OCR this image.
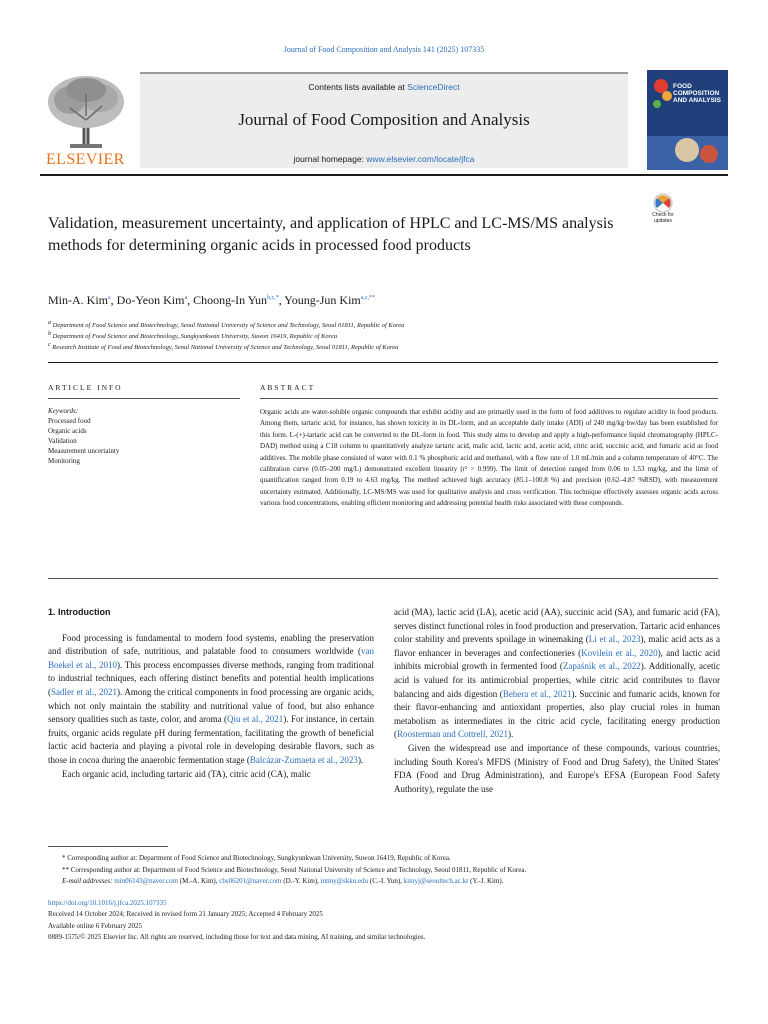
Journal of Food Composition and Analysis 141 (2025) 107335
ELSEVIER
Contents lists available at ScienceDirect
Journal of Food Composition and Analysis
journal homepage: www.elsevier.com/locate/jfca
FOOD
COMPOSITION
AND ANALYSIS
Validation, measurement uncertainty, and application of HPLC and LC-MS/MS analysis methods for determining organic acids in processed food products
Check for
updates
Min-A. Kim$^a$, Do-Yeon Kim$^a$, Choong-In Yun$^{b,c,*}$, Young-Jun Kim$^{a,c,**}$
$^a$ Department of Food Science and Biotechnology, Seoul National University of Science and Technology, Seoul 01811, Republic of Korea
$^b$ Department of Food Science and Biotechnology, Sungkyunkwan University, Suwon 16419, Republic of Korea
$^c$ Research Institute of Food and Biotechnology, Seoul National University of Science and Technology, Seoul 01811, Republic of Korea
ARTICLE INFO	ABSTRACT
Keywords:
Processed food
Organic acids
Validation
Measurement uncertainty
Monitoring
Organic acids are water-soluble organic compounds that exhibit acidity and are primarily used in the form of food additives to regulate acidity in food products. Among them, tartaric acid, for instance, has shown toxicity in its DL-form, and an acceptable daily intake (ADI) of 240 mg/kg·bw/day has been established for this form. L-(+)-tartaric acid can be converted to the DL-form in food. This study aims to develop and apply a high-performance liquid chromatography (HPLC-DAD) method using a C18 column to quantitatively analyze tartaric acid, malic acid, lactic acid, acetic acid, citric acid, succinic acid, and fumaric acid as food additives. The mobile phase consisted of water with 0.1 % phosphoric acid and methanol, with a flow rate of 1.0 mL/min and a column temperature of 40°C. The calibration curve (0.05–200 mg/L) demonstrated excellent linearity (r² > 0.999). The limit of detection ranged from 0.06 to 1.53 mg/kg, and the limit of quantification ranged from 0.19 to 4.63 mg/kg. The method achieved high accuracy (85.1–100.8 %) and precision (0.62–4.87 %RSD), with measurement uncertainty estimated. Additionally, LC-MS/MS was used for qualitative analysis and cross verification. This technique effectively assesses organic acids across various food concentrations, enabling efficient monitoring and addressing potential health risks associated with these compounds.
1. Introduction

Food processing is fundamental to modern food systems, enabling the preservation and distribution of safe, nutritious, and palatable food to consumers worldwide (van Boekel et al., 2010). This process encompasses diverse methods, ranging from traditional to industrial techniques, each offering distinct benefits and potential health implications (Sadler et al., 2021). Among the critical components in food processing are organic acids, which not only maintain the stability and nutritional value of food, but also enhance sensory qualities such as taste, color, and aroma (Qiu et al., 2021). For instance, in certain fruits, organic acids regulate pH during fermentation, facilitating the growth of beneficial lactic acid bacteria and playing a pivotal role in developing desirable flavors, such as those in cocoa during the anaerobic fermentation stage (Balcázar-Zumaeta et al., 2023).

Each organic acid, including tartaric aid (TA), citric acid (CA), malic

acid (MA), lactic acid (LA), acetic acid (AA), succinic acid (SA), and fumaric acid (FA), serves distinct functional roles in food production and preservation. Tartaric acid enhances color stability and prevents spoilage in winemaking (Li et al., 2023), malic acid acts as a flavor enhancer in beverages and confectioneries (Kovilein et al., 2020), and lactic acid inhibits microbial growth in fermented food (Zapaśnik et al., 2022). Additionally, acetic acid is valued for its antimicrobial properties, while citric acid contributes to flavor balancing and aids digestion (Behera et al., 2021). Succinic and fumaric acids, known for their flavor-enhancing and antioxidant properties, also play crucial roles in human metabolism as intermediates in the citric acid cycle, facilitating energy production (Roosterman and Cottrell, 2021).

Given the widespread use and importance of these compounds, various countries, including South Korea's MFDS (Ministry of Food and Drug Safety), the United States' FDA (Food and Drug Administration), and Europe's EFSA (European Food Safety Authority), regulate the use

* Corresponding author at: Department of Food Science and Biotechnology, Sungkyunkwan University, Suwon 16419, Republic of Korea.
** Corresponding author at: Department of Food Science and Biotechnology, Seoul National University of Science and Technology, Seoul 01811, Republic of Korea.
E-mail addresses: min06143@naver.com (M.-A. Kim), cbs06201@naver.com (D.-Y. Kim), innny@skku.edu (C.-I. Yun), kimyj@seoultech.ac.kr (Y.-J. Kim).
https://doi.org/10.1016/j.jfca.2025.107335
Received 14 October 2024; Received in revised form 21 January 2025; Accepted 4 February 2025
Available online 6 February 2025
0889-1575/© 2025 Elsevier Inc. All rights are reserved, including those for text and data mining, AI training, and similar technologies.
